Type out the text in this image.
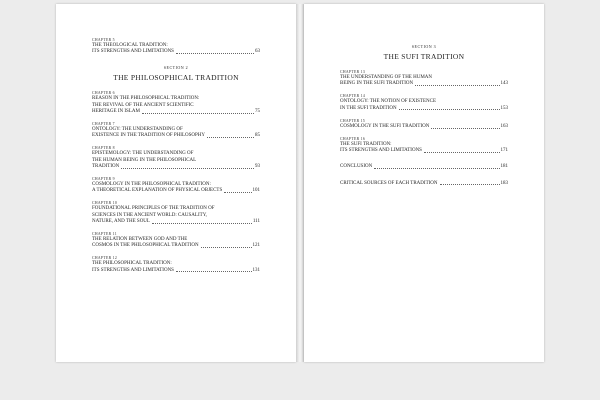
CHAPTER 5
THE THEOLOGICAL TRADITION:
ITS STRENGTHS AND LIMITATIONS	63
SECTION 2
THE PHILOSOPHICAL TRADITION
CHAPTER 6
REASON IN THE PHILOSOPHICAL TRADITION:
THE REVIVAL OF THE ANCIENT SCIENTIFIC
HERITAGE IN ISLAM	75
CHAPTER 7
ONTOLOGY: THE UNDERSTANDING OF
EXISTENCE IN THE TRADITION OF PHILOSOPHY	85
CHAPTER 8
EPISTEMOLOGY: THE UNDERSTANDING OF
THE HUMAN BEING IN THE PHILOSOPHICAL
TRADITION	93
CHAPTER 9
COSMOLOGY IN THE PHILOSOPHICAL TRADITION:
A THEORETICAL EXPLANATION OF PHYSICAL OBJECTS	101
CHAPTER 10
FOUNDATIONAL PRINCIPLES OF THE TRADITION OF
SCIENCES IN THE ANCIENT WORLD: CAUSALITY,
NATURE, AND THE SOUL	111
CHAPTER 11
THE RELATION BETWEEN GOD AND THE
COSMOS IN THE PHILOSOPHICAL TRADITION	121
CHAPTER 12
THE PHILOSOPHICAL TRADITION:
ITS STRENGTHS AND LIMITATIONS	131
SECTION 3
THE SUFI TRADITION
CHAPTER 13
THE UNDERSTANDING OF THE HUMAN
BEING IN THE SUFI TRADITION	143
CHAPTER 14
ONTOLOGY: THE NOTION OF EXISTENCE
IN THE SUFI TRADITION	153
CHAPTER 15
COSMOLOGY IN THE SUFI TRADITION	163
CHAPTER 16
THE SUFI TRADITION:
ITS STRENGTHS AND LIMITATIONS	171
CONCLUSION	181
CRITICAL SOURCES OF EACH TRADITION	183
